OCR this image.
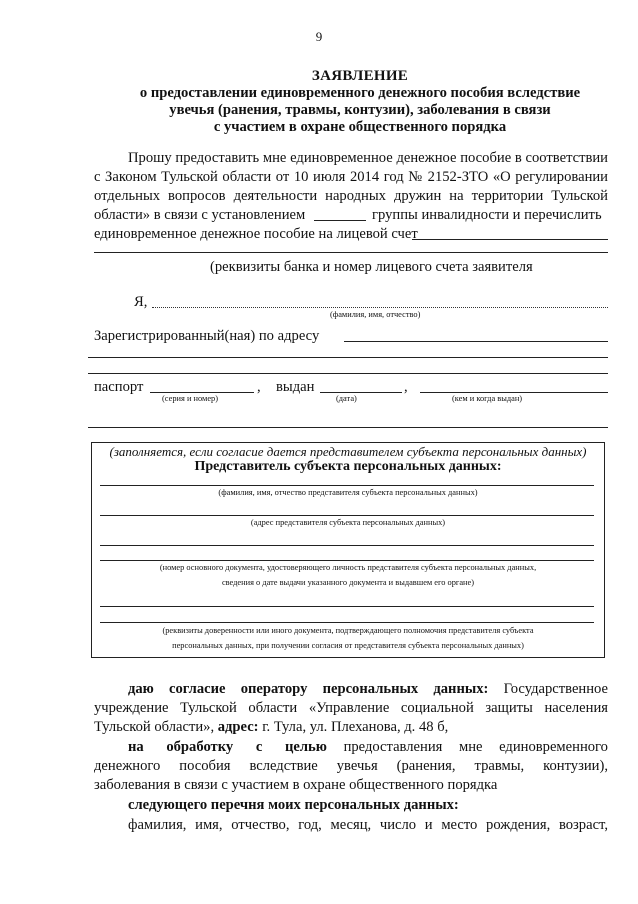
9
ЗАЯВЛЕНИЕ
о предоставлении единовременного денежного пособия вследствие
увечья (ранения, травмы, контузии), заболевания в связи
с участием в охране общественного порядка
Прошу предоставить мне единовременное денежное пособие в соответствии
с Законом Тульской области от 10 июля 2014 год № 2152-ЗТО «О регулировании
отдельных вопросов деятельности народных дружин на территории Тульской
области» в связи с установлением	группы инвалидности и перечислить
единовременное денежное пособие на лицевой счет
(реквизиты банка и номер лицевого счета заявителя
Я,
(фамилия, имя, отчество)
Зарегистрированный(ная) по адресу
паспорт	, выдан	,
(серия и номер)	(дата)	(кем и когда выдан)
(заполняется, если согласие дается представителем субъекта персональных данных)
Представитель субъекта персональных данных:
(фамилия, имя, отчество представителя субъекта персональных данных)
(адрес представителя субъекта персональных данных)
(номер основного документа, удостоверяющего личность представителя субъекта персональных данных,
сведения о дате выдачи указанного документа и выдавшем его органе)
(реквизиты доверенности или иного документа, подтверждающего полномочия представителя субъекта
персональных данных, при получении согласия от представителя субъекта персональных данных)
даю согласие оператору персональных данных: Государственное
учреждение Тульской области «Управление социальной защиты населения
Тульской области», адрес: г. Тула, ул. Плеханова, д. 48 б,
на обработку с целью предоставления мне единовременного
денежного пособия вследствие увечья (ранения, травмы, контузии),
заболевания в связи с участием в охране общественного порядка
следующего перечня моих персональных данных:
фамилия, имя, отчество, год, месяц, число и место рождения, возраст,
